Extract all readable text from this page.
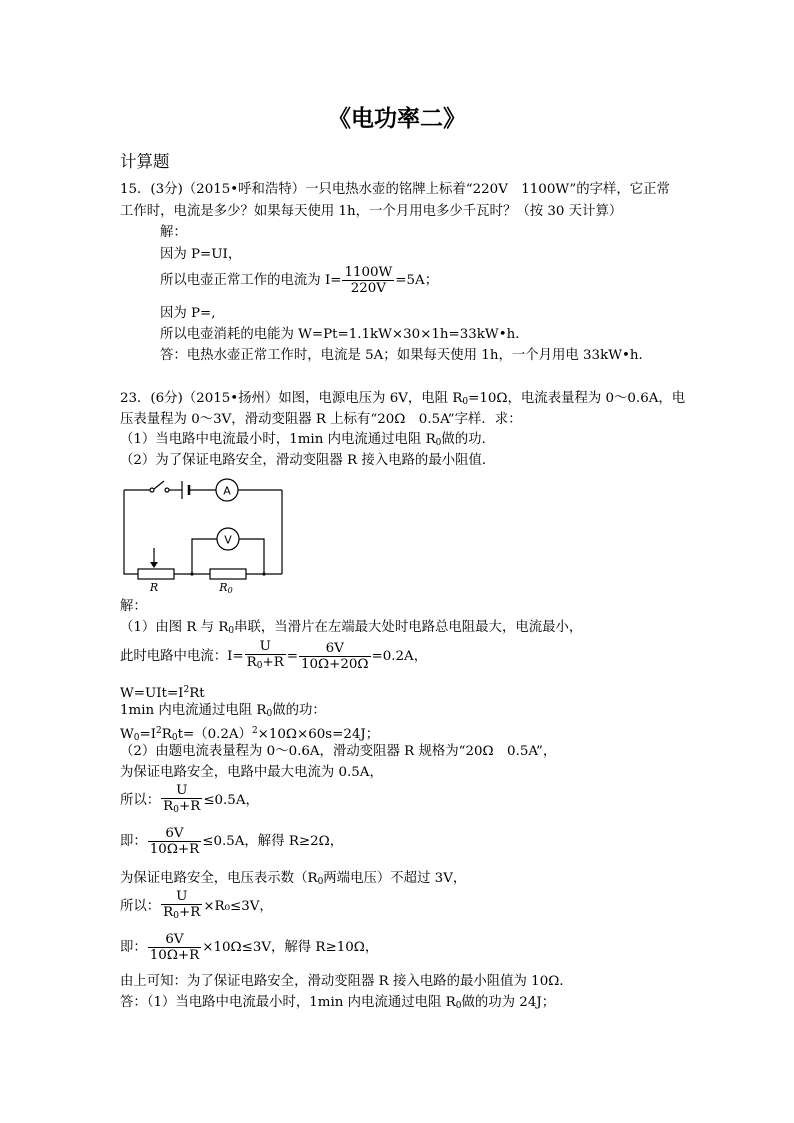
《电功率二》
计算题
15．(3分)（2015•呼和浩特）一只电热水壶的铭牌上标着“220V　1100W”的字样，它正常
工作时，电流是多少？如果每天使用 1h，一个月用电多少千瓦时？（按 30 天计算）
解：
因为 P=UI，
所以电壶正常工作的电流为 $I= \frac{1100W}{220V} =5A$；
因为 P=,
所以电壶消耗的电能为 W=Pt=1.1kW×30×1h=33kW•h．
答：电热水壶正常工作时，电流是 5A；如果每天使用 1h，一个月用电 33kW•h．
23．(6分)（2015•扬州）如图，电源电压为 6V，电阻 $R_0=10\Omega$，电流表量程为 0～0.6A，电
压表量程为 0～3V，滑动变阻器 R 上标有“20Ω　0.5A”字样．求：
（1）当电路中电流最小时，1min 内电流通过电阻 $R_0$做的功．
（2）为了保证电路安全，滑动变阻器 R 接入电路的最小阻值．
A
V
R	R0
解：
（1）由图 R 与 $R_0$串联，当滑片在左端最大处时电路总电阻最大，电流最小，
此时电路中电流：$I= \frac{U}{R_0+R} = \frac{6V}{10\Omega+20\Omega} =0.2A$，
$W=UIt=I^2Rt$
1min 内电流通过电阻 $R_0$做的功：
$W_0=I^2R_0t=(0.2A)^2\times 10\Omega\times 60s=24J$；
（2）由题电流表量程为 0～0.6A，滑动变阻器 R 规格为“20Ω　0.5A”，
为保证电路安全，电路中最大电流为 0.5A，
所以： $\frac{U}{R_0+R} \le 0.5A$，
即： $\frac{6V}{10\Omega+R} \le 0.5A$，解得 R≥2Ω，
为保证电路安全，电压表示数（$R_0$两端电压）不超过 3V，
所以： $\frac{U}{R_0+R} \times R_0\le 3V$，
即： $\frac{6V}{10\Omega+R} \times 10\Omega\le 3V$，解得 R≥10Ω，
由上可知：为了保证电路安全，滑动变阻器 R 接入电路的最小阻值为 10Ω．
答：（1）当电路中电流最小时，1min 内电流通过电阻 $R_0$做的功为 24J；
